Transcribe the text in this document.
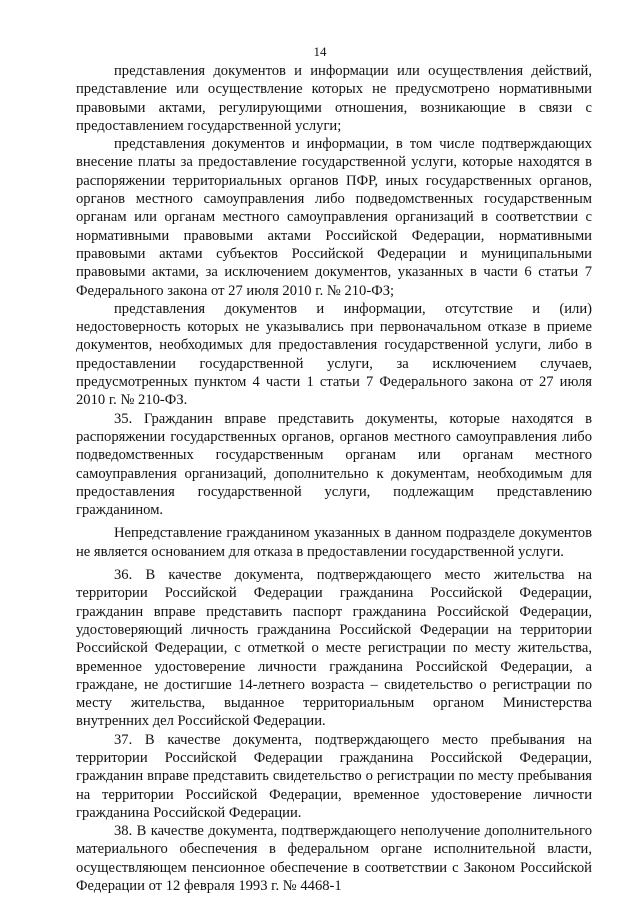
14

представления документов и информации или осуществления действий, представление или осуществление которых не предусмотрено нормативными правовыми актами, регулирующими отношения, возникающие в связи с предоставлением государственной услуги;

представления документов и информации, в том числе подтверждающих внесение платы за предоставление государственной услуги, которые находятся в распоряжении территориальных органов ПФР, иных государственных органов, органов местного самоуправления либо подведомственных государственным органам или органам местного самоуправления организаций в соответствии с нормативными правовыми актами Российской Федерации, нормативными правовыми актами субъектов Российской Федерации и муниципальными правовыми актами, за исключением документов, указанных в части 6 статьи 7 Федерального закона от 27 июля 2010 г. № 210-ФЗ;

представления документов и информации, отсутствие и (или) недостоверность которых не указывались при первоначальном отказе в приеме документов, необходимых для предоставления государственной услуги, либо в предоставлении государственной услуги, за исключением случаев, предусмотренных пунктом 4 части 1 статьи 7 Федерального закона от 27 июля 2010 г. № 210-ФЗ.

35. Гражданин вправе представить документы, которые находятся в распоряжении государственных органов, органов местного самоуправления либо подведомственных государственным органам или органам местного самоуправления организаций, дополнительно к документам, необходимым для предоставления государственной услуги, подлежащим представлению гражданином.

Непредставление гражданином указанных в данном подразделе документов не является основанием для отказа в предоставлении государственной услуги.

36. В качестве документа, подтверждающего место жительства на территории Российской Федерации гражданина Российской Федерации, гражданин вправе представить паспорт гражданина Российской Федерации, удостоверяющий личность гражданина Российской Федерации на территории Российской Федерации, с отметкой о месте регистрации по месту жительства, временное удостоверение личности гражданина Российской Федерации, а граждане, не достигшие 14-летнего возраста – свидетельство о регистрации по месту жительства, выданное территориальным органом Министерства внутренних дел Российской Федерации.

37. В качестве документа, подтверждающего место пребывания на территории Российской Федерации гражданина Российской Федерации, гражданин вправе представить свидетельство о регистрации по месту пребывания на территории Российской Федерации, временное удостоверение личности гражданина Российской Федерации.

38. В качестве документа, подтверждающего неполучение дополнительного материального обеспечения в федеральном органе исполнительной власти, осуществляющем пенсионное обеспечение в соответствии с Законом Российской Федерации от 12 февраля 1993 г. № 4468-1
